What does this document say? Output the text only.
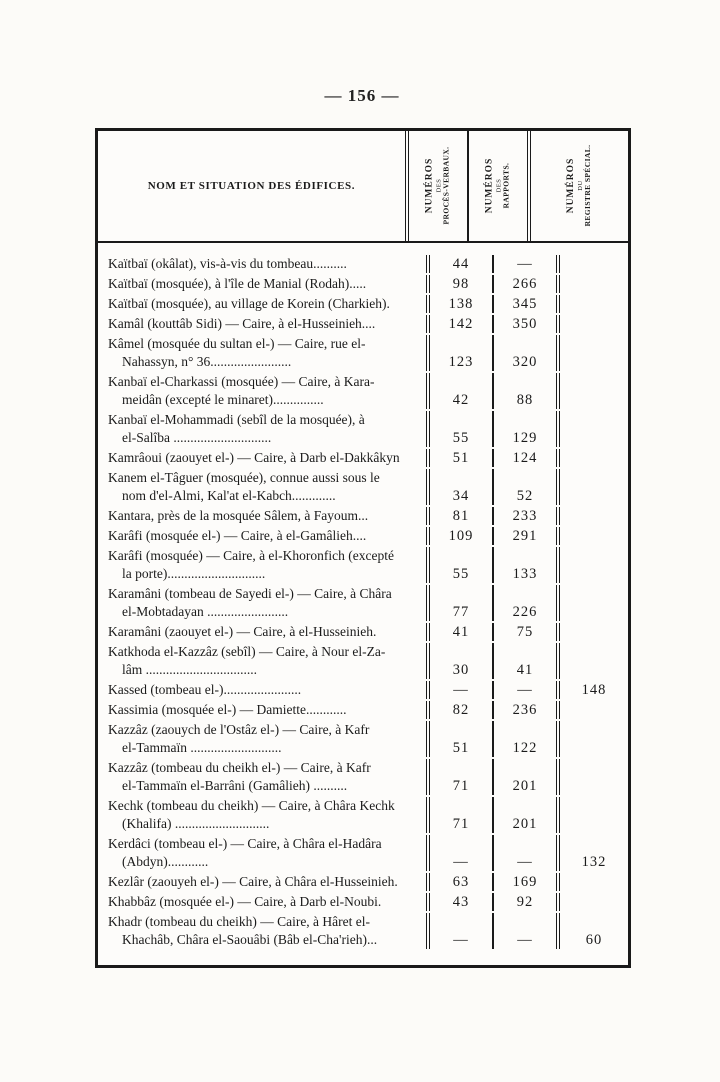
— 156 —
NOM ET SITUATION DES ÉDIFICES.	NUMÉROS DES PROCÈS-VERBAUX.	NUMÉROS DES RAPPORTS.	NUMÉROS DU REGISTRE SPÉCIAL.
Kaïtbaï (okâlat), vis-à-vis du tombeau..........	44	—
Kaïtbaï (mosquée), à l'île de Manial (Rodah).....	98	266
Kaïtbaï (mosquée), au village de Korein (Charkieh).	138	345
Kamâl (kouttâb Sidi) — Caire, à el-Husseinieh....	142	350
Kâmel (mosquée du sultan el-) — Caire, rue el-
Nahassyn, n° 36........................	123	320
Kanbaï el-Charkassi (mosquée) — Caire, à Kara-
meidân (excepté le minaret)...............	42	88
Kanbaï el-Mohammadi (sebîl de la mosquée), à
el-Salîba .............................	55	129
Kamrâoui (zaouyet el-) — Caire, à Darb el-Dakkâkyn	51	124
Kanem el-Tâguer (mosquée), connue aussi sous le
nom d'el-Almi, Kal'at el-Kabch.............	34	52
Kantara, près de la mosquée Sâlem, à Fayoum...	81	233
Karâfi (mosquée el-) — Caire, à el-Gamâlieh....	109	291
Karâfi (mosquée) — Caire, à el-Khoronfich (excepté
la porte).............................	55	133
Karamâni (tombeau de Sayedi el-) — Caire, à Châra
el-Mobtadayan ........................	77	226
Karamâni (zaouyet el-) — Caire, à el-Husseinieh.	41	75
Katkhoda el-Kazzâz (sebîl) — Caire, à Nour el-Za-
lâm .................................	30	41
Kassed (tombeau el-).......................	—	—	148
Kassimia (mosquée el-) — Damiette............	82	236
Kazzâz (zaouych de l'Ostâz el-) — Caire, à Kafr
el-Tammaïn ...........................	51	122
Kazzâz (tombeau du cheikh el-) — Caire, à Kafr
el-Tammaïn el-Barrâni (Gamâlieh) ..........	71	201
Kechk (tombeau du cheikh) — Caire, à Châra Kechk
(Khalifa) ............................	71	201
Kerdâci (tombeau el-) — Caire, à Châra el-Hadâra
(Abdyn)............	—	—	132
Kezlâr (zaouyeh el-) — Caire, à Châra el-Husseinieh.	63	169
Khabbâz (mosquée el-) — Caire, à Darb el-Noubi.	43	92
Khadr (tombeau du cheikh) — Caire, à Hâret el-
Khachâb, Châra el-Saouâbi (Bâb el-Cha'rieh)...	—	—	60
